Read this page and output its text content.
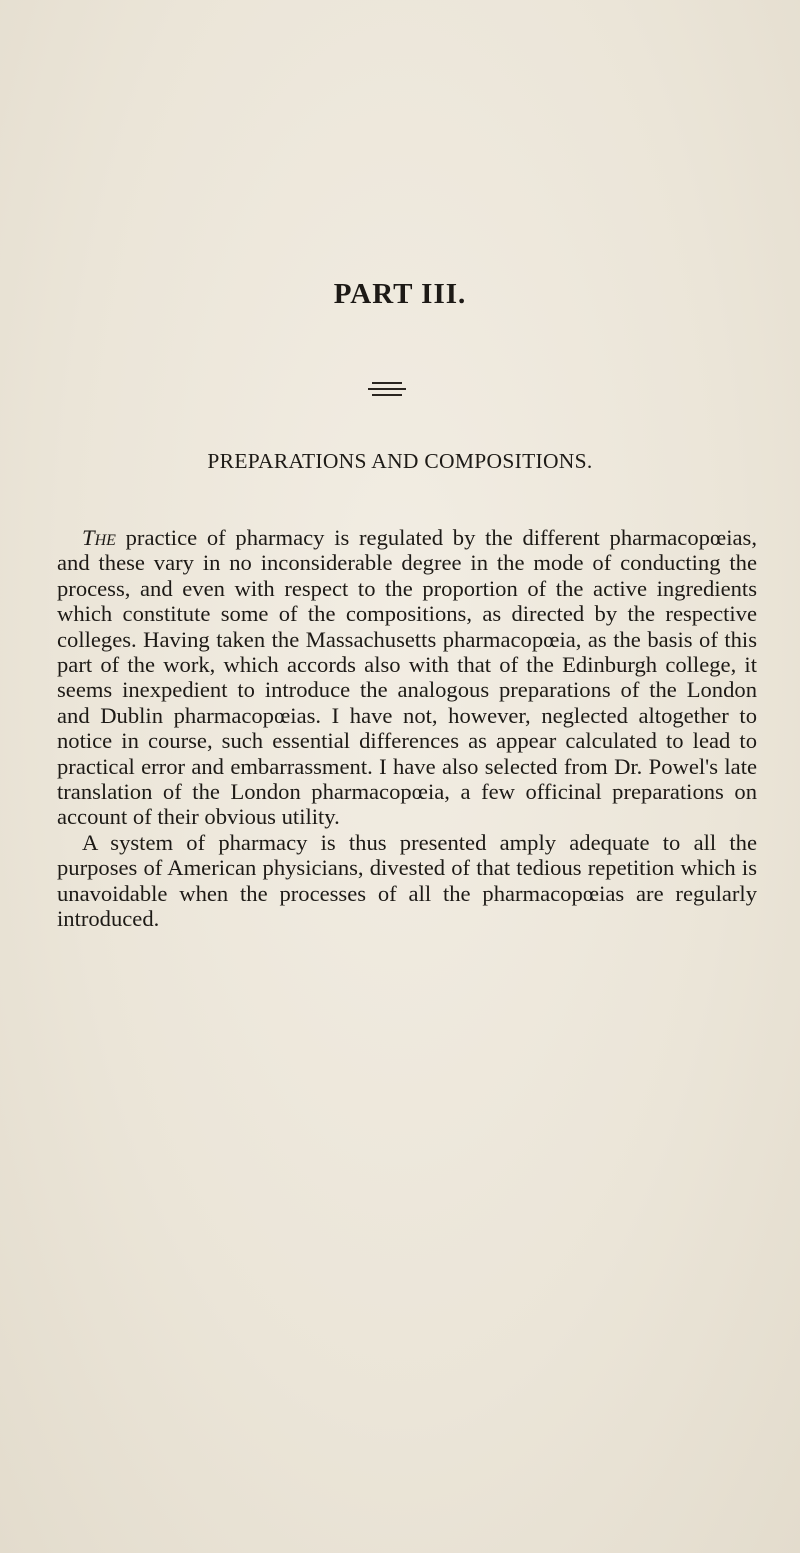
PART III.
PREPARATIONS AND COMPOSITIONS.

The practice of pharmacy is regulated by the different pharmacopœias, and these vary in no inconsiderable degree in the mode of conducting the process, and even with respect to the proportion of the active ingredients which constitute some of the compositions, as directed by the respective colleges. Having taken the Massachusetts pharmacopœia, as the basis of this part of the work, which accords also with that of the Edinburgh college, it seems inexpedient to introduce the analogous preparations of the London and Dublin pharmacopœias. I have not, however, neglected altogether to notice in course, such essential differences as appear calculated to lead to practical error and embarrassment. I have also selected from Dr. Powel's late translation of the London pharmacopœia, a few officinal preparations on account of their obvious utility.

A system of pharmacy is thus presented amply adequate to all the purposes of American physicians, divested of that tedious repetition which is unavoidable when the processes of all the pharmacopœias are regularly introduced.
